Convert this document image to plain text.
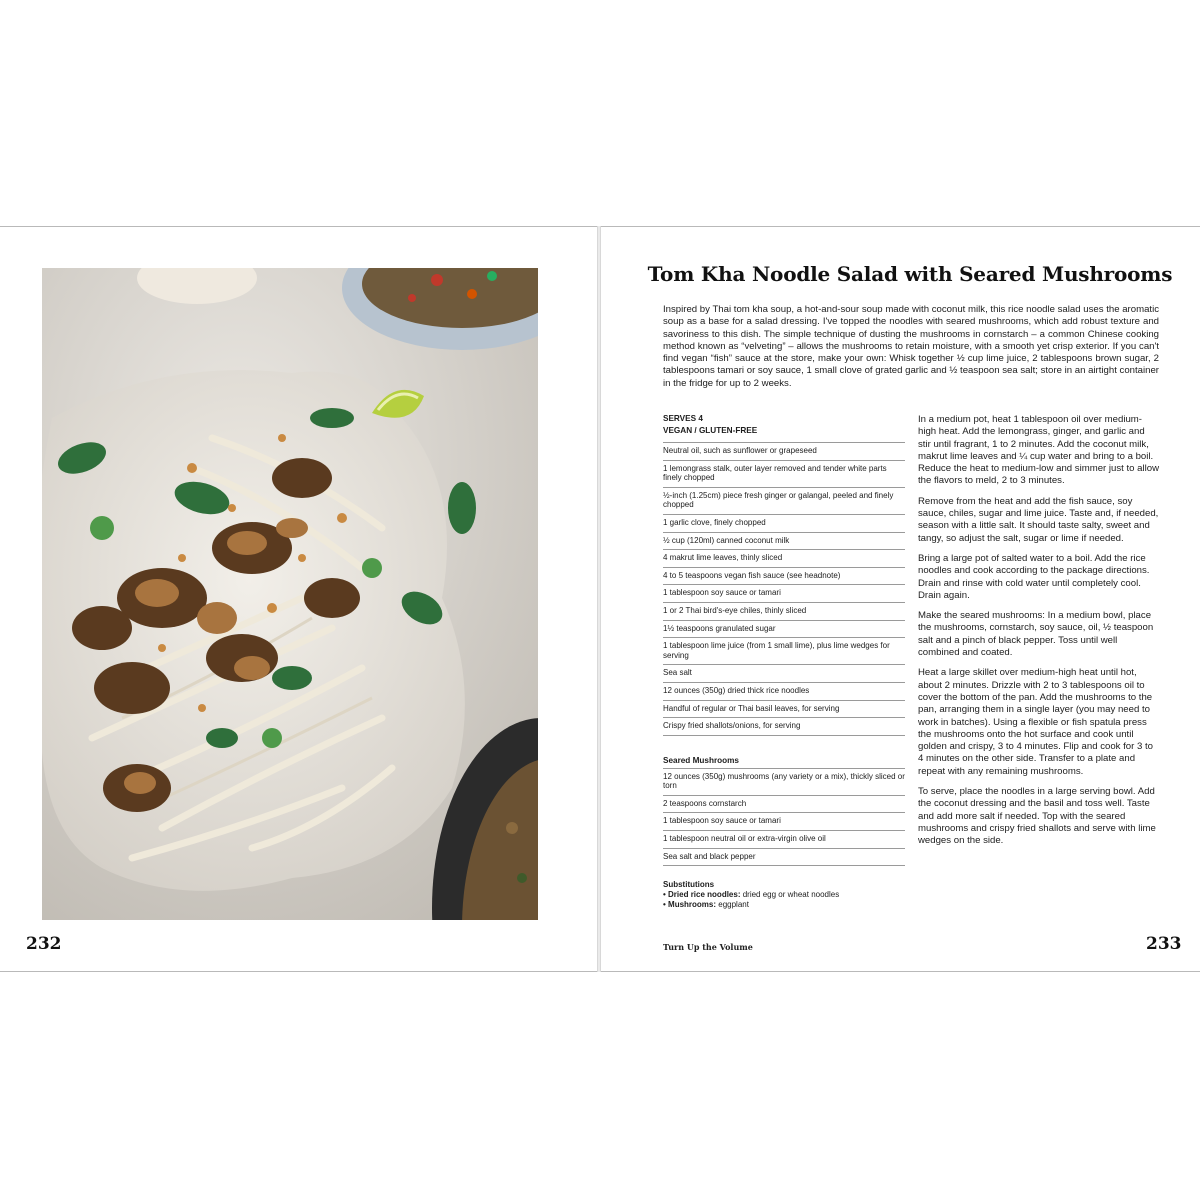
232
Tom Kha Noodle Salad with Seared Mushrooms

Inspired by Thai tom kha soup, a hot-and-sour soup made with coconut milk, this rice noodle salad uses the aromatic soup as a base for a salad dressing. I've topped the noodles with seared mushrooms, which add robust texture and savoriness to this dish. The simple technique of dusting the mushrooms in cornstarch – a common Chinese cooking method known as “velveting” – allows the mushrooms to retain moisture, with a smooth yet crisp exterior. If you can't find vegan “fish” sauce at the store, make your own: Whisk together ½ cup lime juice, 2 tablespoons brown sugar, 2 tablespoons tamari or soy sauce, 1 small clove of grated garlic and ½ teaspoon sea salt; store in an airtight container in the fridge for up to 2 weeks.

SERVES 4

VEGAN / GLUTEN-FREE

Neutral oil, such as sunflower or grapeseed
1 lemongrass stalk, outer layer removed and tender white parts finely chopped
½-inch (1.25cm) piece fresh ginger or galangal, peeled and finely chopped
1 garlic clove, finely chopped
½ cup (120ml) canned coconut milk
4 makrut lime leaves, thinly sliced
4 to 5 teaspoons vegan fish sauce (see headnote)
1 tablespoon soy sauce or tamari
1 or 2 Thai bird's-eye chiles, thinly sliced
1½ teaspoons granulated sugar
1 tablespoon lime juice (from 1 small lime), plus lime wedges for serving
Sea salt
12 ounces (350g) dried thick rice noodles
Handful of regular or Thai basil leaves, for serving
Crispy fried shallots/onions, for serving

Seared Mushrooms

12 ounces (350g) mushrooms (any variety or a mix), thickly sliced or torn
2 teaspoons cornstarch
1 tablespoon soy sauce or tamari
1 tablespoon neutral oil or extra-virgin olive oil
Sea salt and black pepper
Substitutions
• Dried rice noodles: dried egg or wheat noodles
• Mushrooms: eggplant

In a medium pot, heat 1 tablespoon oil over medium-high heat. Add the lemongrass, ginger, and garlic and stir until fragrant, 1 to 2 minutes. Add the coconut milk, makrut lime leaves and ¼ cup water and bring to a boil. Reduce the heat to medium-low and simmer just to allow the flavors to meld, 2 to 3 minutes.

Remove from the heat and add the fish sauce, soy sauce, chiles, sugar and lime juice. Taste and, if needed, season with a little salt. It should taste salty, sweet and tangy, so adjust the salt, sugar or lime if needed.

Bring a large pot of salted water to a boil. Add the rice noodles and cook according to the package directions. Drain and rinse with cold water until completely cool. Drain again.

Make the seared mushrooms: In a medium bowl, place the mushrooms, cornstarch, soy sauce, oil, ½ teaspoon salt and a pinch of black pepper. Toss until well combined and coated.

Heat a large skillet over medium-high heat until hot, about 2 minutes. Drizzle with 2 to 3 tablespoons oil to cover the bottom of the pan. Add the mushrooms to the pan, arranging them in a single layer (you may need to work in batches). Using a flexible or fish spatula press the mushrooms onto the hot surface and cook until golden and crispy, 3 to 4 minutes. Flip and cook for 3 to 4 minutes on the other side. Transfer to a plate and repeat with any remaining mushrooms.

To serve, place the noodles in a large serving bowl. Add the coconut dressing and the basil and toss well. Taste and add more salt if needed. Top with the seared mushrooms and crispy fried shallots and serve with lime wedges on the side.

Turn Up the Volume	233
